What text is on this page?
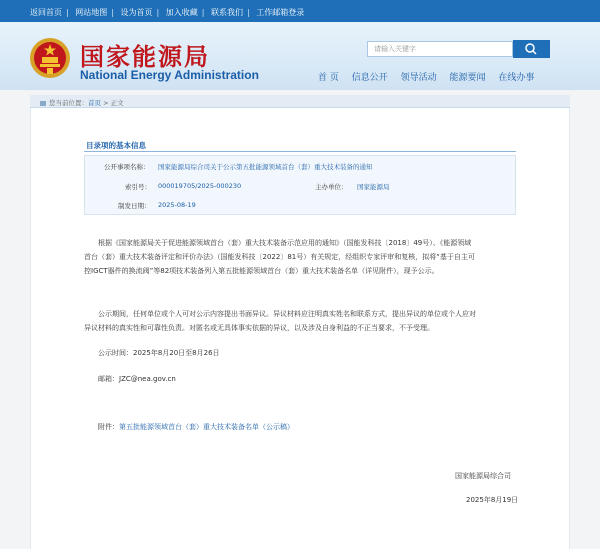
返回首页 | 网站地图 | 设为首页 | 加入收藏 | 联系我们 | 工作邮箱登录
国家能源局
National Energy Administration
请输入关键字
首 页 信息公开 领导活动 能源要闻 在线办事
您当前位置：首页 > 正文
目录项的基本信息
公开事项名称： 国家能源局综合司关于公示第五批能源领域首台（套）重大技术装备的通知
索引号： 000019705/2025-000230	主办单位： 国家能源局
制发日期： 2025-08-19
根据《国家能源局关于促进能源领域首台（套）重大技术装备示范应用的通知》（国能发科技〔2018〕49号）、《能源领域
首台（套）重大技术装备评定和评价办法》（国能发科技〔2022〕81号）有关规定，经组织专家评审和复核，拟将“基于自主可
控IGCT器件的换流阀”等82项技术装备列入第五批能源领域首台（套）重大技术装备名单（详见附件），现予公示。
公示期间，任何单位或个人可对公示内容提出书面异议。异议材料应注明真实姓名和联系方式，提出异议的单位或个人应对
异议材料的真实性和可靠性负责。对匿名或无具体事实依据的异议，以及涉及自身利益的不正当要求，不予受理。
公示时间：2025年8月20日至8月26日
邮箱：JZC@nea.gov.cn
附件：第五批能源领域首台（套）重大技术装备名单（公示稿）
国家能源局综合司
2025年8月19日
